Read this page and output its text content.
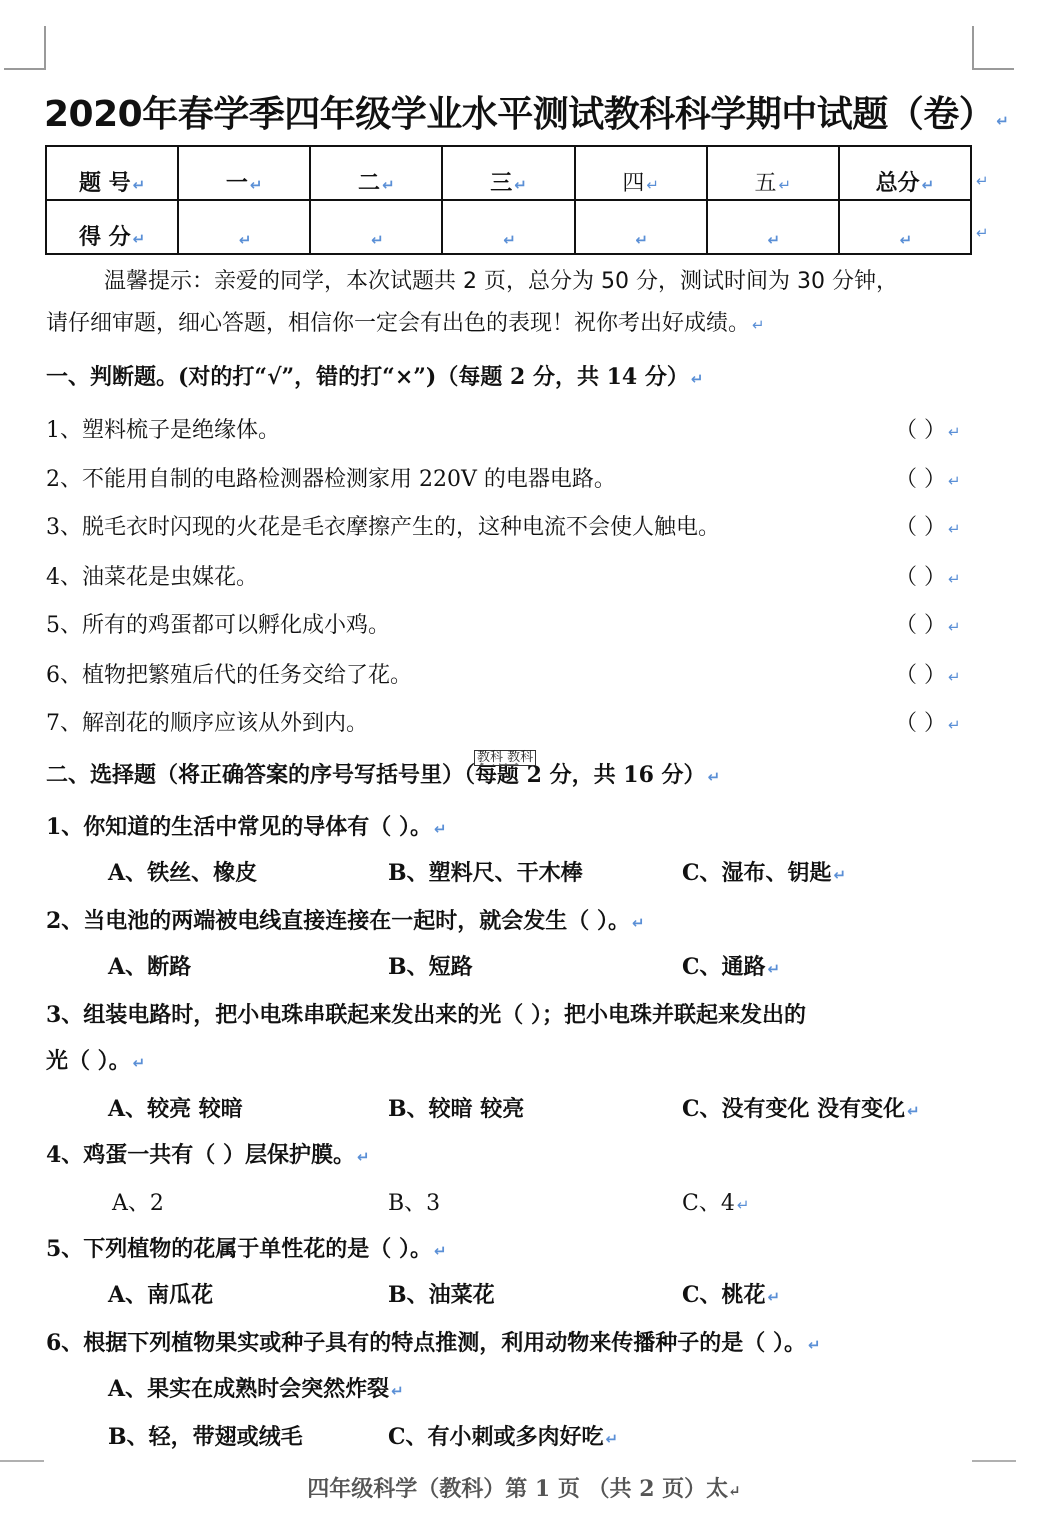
2020年春学季四年级学业水平测试教科科学期中试题（卷） ↵
题 号 ↵	一 ↵	二 ↵	三 ↵	四 ↵	五 ↵	总分 ↵
得 分 ↵	↵	↵	↵	↵	↵	↵
↵
↵
温馨提示：亲爱的同学，本次试题共 2 页，总分为 50 分，测试时间为 30 分钟，
请仔细审题，细心答题，相信你一定会有出色的表现！祝你考出好成绩。 ↵
一、判断题。(对的打“√”，错的打“×”)（每题 2 分，共 14 分） ↵
1、塑料梳子是绝缘体。	（ ） ↵
2、不能用自制的电路检测器检测家用 220V 的电器电路。	（ ） ↵
3、脱毛衣时闪现的火花是毛衣摩擦产生的，这种电流不会使人触电。	（ ） ↵
4、油菜花是虫媒花。	（ ） ↵
5、所有的鸡蛋都可以孵化成小鸡。	（ ） ↵
6、植物把繁殖后代的任务交给了花。	（ ） ↵
7、解剖花的顺序应该从外到内。	（ ） ↵
二、选择题（将正确答案的序号写括号里）（每题 2 分，共 16 分） ↵
教科 教科
1、你知道的生活中常见的导体有（ ）。 ↵
A、铁丝、橡皮	B、塑料尺、干木棒	C、湿布、钥匙 ↵
2、当电池的两端被电线直接连接在一起时，就会发生（ ）。 ↵
A、断路	B、短路	C、通路 ↵
3、组装电路时，把小电珠串联起来发出来的光（ ）；把小电珠并联起来发出的
光（ ）。 ↵
A、较亮 较暗	B、较暗 较亮	C、没有变化 没有变化 ↵
4、鸡蛋一共有（ ）层保护膜。 ↵
A、2	B、3	C、4 ↵
5、下列植物的花属于单性花的是（ ）。 ↵
A、南瓜花	B、油菜花	C、桃花 ↵
6、根据下列植物果实或种子具有的特点推测，利用动物来传播种子的是（ ）。 ↵
A、果实在成熟时会突然炸裂 ↵
B、轻，带翅或绒毛	C、有小刺或多肉好吃 ↵
四年级科学（教科）第 1 页 （共 2 页）太↵
